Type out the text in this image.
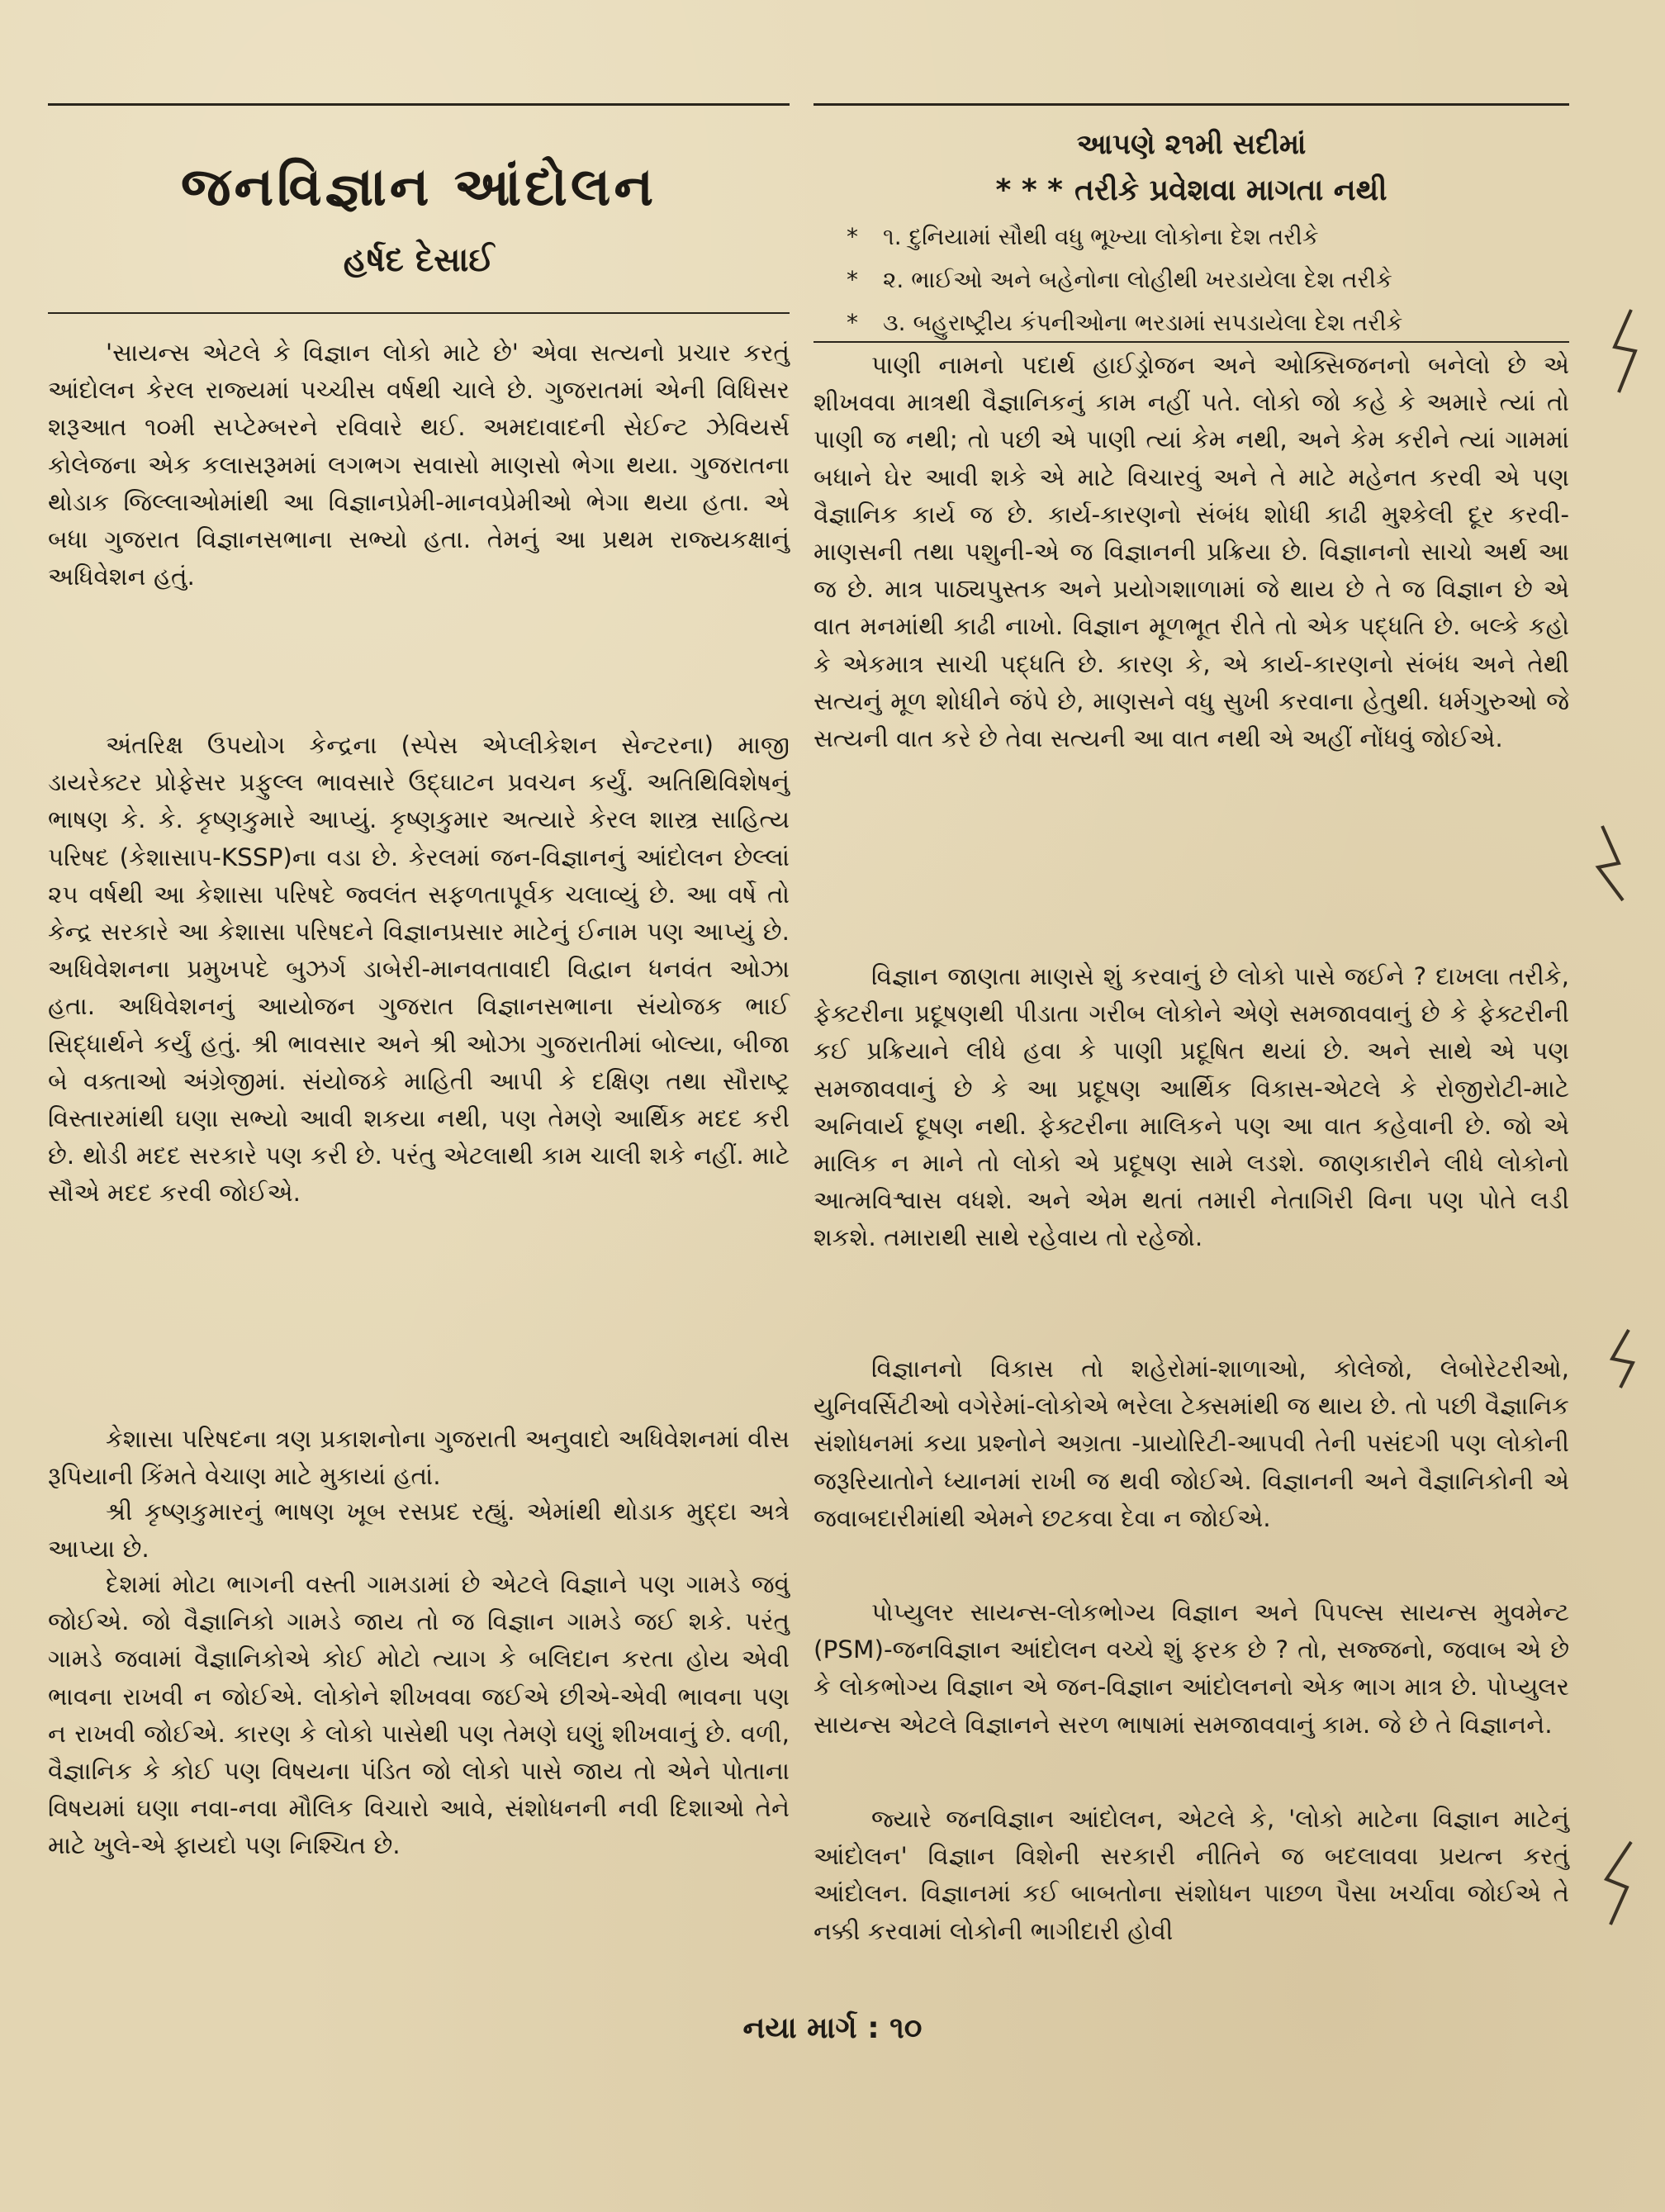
જનવિજ્ઞાન આંદોલન
હર્ષદ દેસાઈ

'સાયન્સ એટલે કે વિજ્ઞાન લોકો માટે છે' એવા સત્યનો પ્રચાર કરતું આંદોલન કેરલ રાજ્યમાં પચ્ચીસ વર્ષથી ચાલે છે. ગુજરાતમાં એની વિધિસર શરૂઆત ૧૦મી સપ્ટેમ્બરને રવિવારે થઈ. અમદાવાદની સેઈન્ટ ઝેવિયર્સ કોલેજના એક કલાસરૂમમાં લગભગ સવાસો માણસો ભેગા થયા. ગુજરાતના થોડાક જિલ્લાઓમાંથી આ વિજ્ઞાનપ્રેમી-માનવપ્રેમીઓ ભેગા થયા હતા. એ બધા ગુજરાત વિજ્ઞાનસભાના સભ્યો હતા. તેમનું આ પ્રથમ રાજ્યકક્ષાનું અધિવેશન હતું.

અંતરિક્ષ ઉપયોગ કેન્દ્રના (સ્પેસ એપ્લીકેશન સેન્ટરના) માજી ડાયરેક્ટર પ્રોફેસર પ્રફુલ્લ ભાવસારે ઉદ્ઘાટન પ્રવચન કર્યું. અતિથિવિશેષનું ભાષણ કે. કે. કૃષ્ણકુમારે આપ્યું. કૃષ્ણકુમાર અત્યારે કેરલ શાસ્ત્ર સાહિત્ય પરિષદ (કેશાસાપ-KSSP)ના વડા છે. કેરલમાં જન-વિજ્ઞાનનું આંદોલન છેલ્લાં ૨૫ વર્ષથી આ કેશાસા પરિષદે જ્વલંત સફળતાપૂર્વક ચલાવ્યું છે. આ વર્ષે તો કેન્દ્ર સરકારે આ કેશાસા પરિષદને વિજ્ઞાનપ્રસાર માટેનું ઈનામ પણ આપ્યું છે. અધિવેશનના પ્રમુખપદે બુઝર્ગ ડાબેરી-માનવતાવાદી વિદ્વાન ધનવંત ઓઝા હતા. અધિવેશનનું આયોજન ગુજરાત વિજ્ઞાનસભાના સંયોજક ભાઈ સિદ્ધાર્થને કર્યું હતું. શ્રી ભાવસાર અને શ્રી ઓઝા ગુજરાતીમાં બોલ્યા, બીજા બે વક્તાઓ અંગ્રેજીમાં. સંયોજકે માહિતી આપી કે દક્ષિણ તથા સૌરાષ્ટ્ર વિસ્તારમાંથી ઘણા સભ્યો આવી શકયા નથી, પણ તેમણે આર્થિક મદદ કરી છે. થોડી મદદ સરકારે પણ કરી છે. પરંતુ એટલાથી કામ ચાલી શકે નહીં. માટે સૌએ મદદ કરવી જોઈએ.

કેશાસા પરિષદના ત્રણ પ્રકાશનોના ગુજરાતી અનુવાદો અધિવેશનમાં વીસ રૂપિયાની કિંમતે વેચાણ માટે મુકાયાં હતાં.

શ્રી કૃષ્ણકુમારનું ભાષણ ખૂબ રસપ્રદ રહ્યું. એમાંથી થોડાક મુદ્દા અત્રે આપ્યા છે.

દેશમાં મોટા ભાગની વસ્તી ગામડામાં છે એટલે વિજ્ઞાને પણ ગામડે જવું જોઈએ. જો વૈજ્ઞાનિકો ગામડે જાય તો જ વિજ્ઞાન ગામડે જઈ શકે. પરંતુ ગામડે જવામાં વૈજ્ઞાનિકોએ કોઈ મોટો ત્યાગ કે બલિદાન કરતા હોય એવી ભાવના રાખવી ન જોઈએ. લોકોને શીખવવા જઈએ છીએ-એવી ભાવના પણ ન રાખવી જોઈએ. કારણ કે લોકો પાસેથી પણ તેમણે ઘણું શીખવાનું છે. વળી, વૈજ્ઞાનિક કે કોઈ પણ વિષયના પંડિત જો લોકો પાસે જાય તો એને પોતાના વિષયમાં ઘણા નવા-નવા મૌલિક વિચારો આવે, સંશોધનની નવી દિશાઓ તેને માટે ખુલે-એ ફાયદો પણ નિશ્ચિત છે.

આપણે ૨૧મી સદીમાં
* * * તરીકે પ્રવેશવા માગતા નથી
* ૧. દુનિયામાં સૌથી વધુ ભૂખ્યા લોકોના દેશ તરીકે
* ૨. ભાઈઓ અને બહેનોના લોહીથી ખરડાયેલા દેશ તરીકે
* ૩. બહુરાષ્ટ્રીય કંપનીઓના ભરડામાં સપડાયેલા દેશ તરીકે

પાણી નામનો પદાર્થ હાઈડ્રોજન અને ઓક્સિજનનો બનેલો છે એ શીખવવા માત્રથી વૈજ્ઞાનિકનું કામ નહીં પતે. લોકો જો કહે કે અમારે ત્યાં તો પાણી જ નથી; તો પછી એ પાણી ત્યાં કેમ નથી, અને કેમ કરીને ત્યાં ગામમાં બધાને ઘેર આવી શકે એ માટે વિચારવું અને તે માટે મહેનત કરવી એ પણ વૈજ્ઞાનિક કાર્ય જ છે. કાર્ય-કારણનો સંબંધ શોધી કાઢી મુશ્કેલી દૂર કરવી-માણસની તથા પશુની-એ જ વિજ્ઞાનની પ્રક્રિયા છે. વિજ્ઞાનનો સાચો અર્થ આ જ છે. માત્ર પાઠ્યપુસ્તક અને પ્રયોગશાળામાં જે થાય છે તે જ વિજ્ઞાન છે એ વાત મનમાંથી કાઢી નાખો. વિજ્ઞાન મૂળભૂત રીતે તો એક પદ્ધતિ છે. બલ્કે કહો કે એકમાત્ર સાચી પદ્ધતિ છે. કારણ કે, એ કાર્ય-કારણનો સંબંધ અને તેથી સત્યનું મૂળ શોધીને જંપે છે, માણસને વધુ સુખી કરવાના હેતુથી. ધર્મગુરુઓ જે સત્યની વાત કરે છે તેવા સત્યની આ વાત નથી એ અહીં નોંધવું જોઈએ.

વિજ્ઞાન જાણતા માણસે શું કરવાનું છે લોકો પાસે જઈને ? દાખલા તરીકે, ફેક્ટરીના પ્રદૂષણથી પીડાતા ગરીબ લોકોને એણે સમજાવવાનું છે કે ફેક્ટરીની કઈ પ્રક્રિયાને લીધે હવા કે પાણી પ્રદૂષિત થયાં છે. અને સાથે એ પણ સમજાવવાનું છે કે આ પ્રદૂષણ આર્થિક વિકાસ-એટલે કે રોજીરોટી-માટે અનિવાર્ય દૂષણ નથી. ફેક્ટરીના માલિકને પણ આ વાત કહેવાની છે. જો એ માલિક ન માને તો લોકો એ પ્રદૂષણ સામે લડશે. જાણકારીને લીધે લોકોનો આત્મવિશ્વાસ વધશે. અને એમ થતાં તમારી નેતાગિરી વિના પણ પોતે લડી શકશે. તમારાથી સાથે રહેવાય તો રહેજો.

વિજ્ઞાનનો વિકાસ તો શહેરોમાં-શાળાઓ, કોલેજો, લેબોરેટરીઓ, યુનિવર્સિટીઓ વગેરેમાં-લોકોએ ભરેલા ટેક્સમાંથી જ થાય છે. તો પછી વૈજ્ઞાનિક સંશોધનમાં કયા પ્રશ્નોને અગ્રતા -પ્રાયોરિટી-આપવી તેની પસંદગી પણ લોકોની જરૂરિયાતોને ધ્યાનમાં રાખી જ થવી જોઈએ. વિજ્ઞાનની અને વૈજ્ઞાનિકોની એ જવાબદારીમાંથી એમને છટકવા દેવા ન જોઈએ.

પોપ્યુલર સાયન્સ-લોકભોગ્ય વિજ્ઞાન અને પિપલ્સ સાયન્સ મુવમેન્ટ (PSM)-જનવિજ્ઞાન આંદોલન વચ્ચે શું ફરક છે ? તો, સજ્જનો, જવાબ એ છે કે લોકભોગ્ય વિજ્ઞાન એ જન-વિજ્ઞાન આંદોલનનો એક ભાગ માત્ર છે. પોપ્યુલર સાયન્સ એટલે વિજ્ઞાનને સરળ ભાષામાં સમજાવવાનું કામ. જે છે તે વિજ્ઞાનને.

જ્યારે જનવિજ્ઞાન આંદોલન, એટલે કે, 'લોકો માટેના વિજ્ઞાન માટેનું આંદોલન' વિજ્ઞાન વિશેની સરકારી નીતિને જ બદલાવવા પ્રયત્ન કરતું આંદોલન. વિજ્ઞાનમાં કઈ બાબતોના સંશોધન પાછળ પૈસા ખર્ચાવા જોઈએ તે નક્કી કરવામાં લોકોની ભાગીદારી હોવી

નયા માર્ગ : ૧૦
